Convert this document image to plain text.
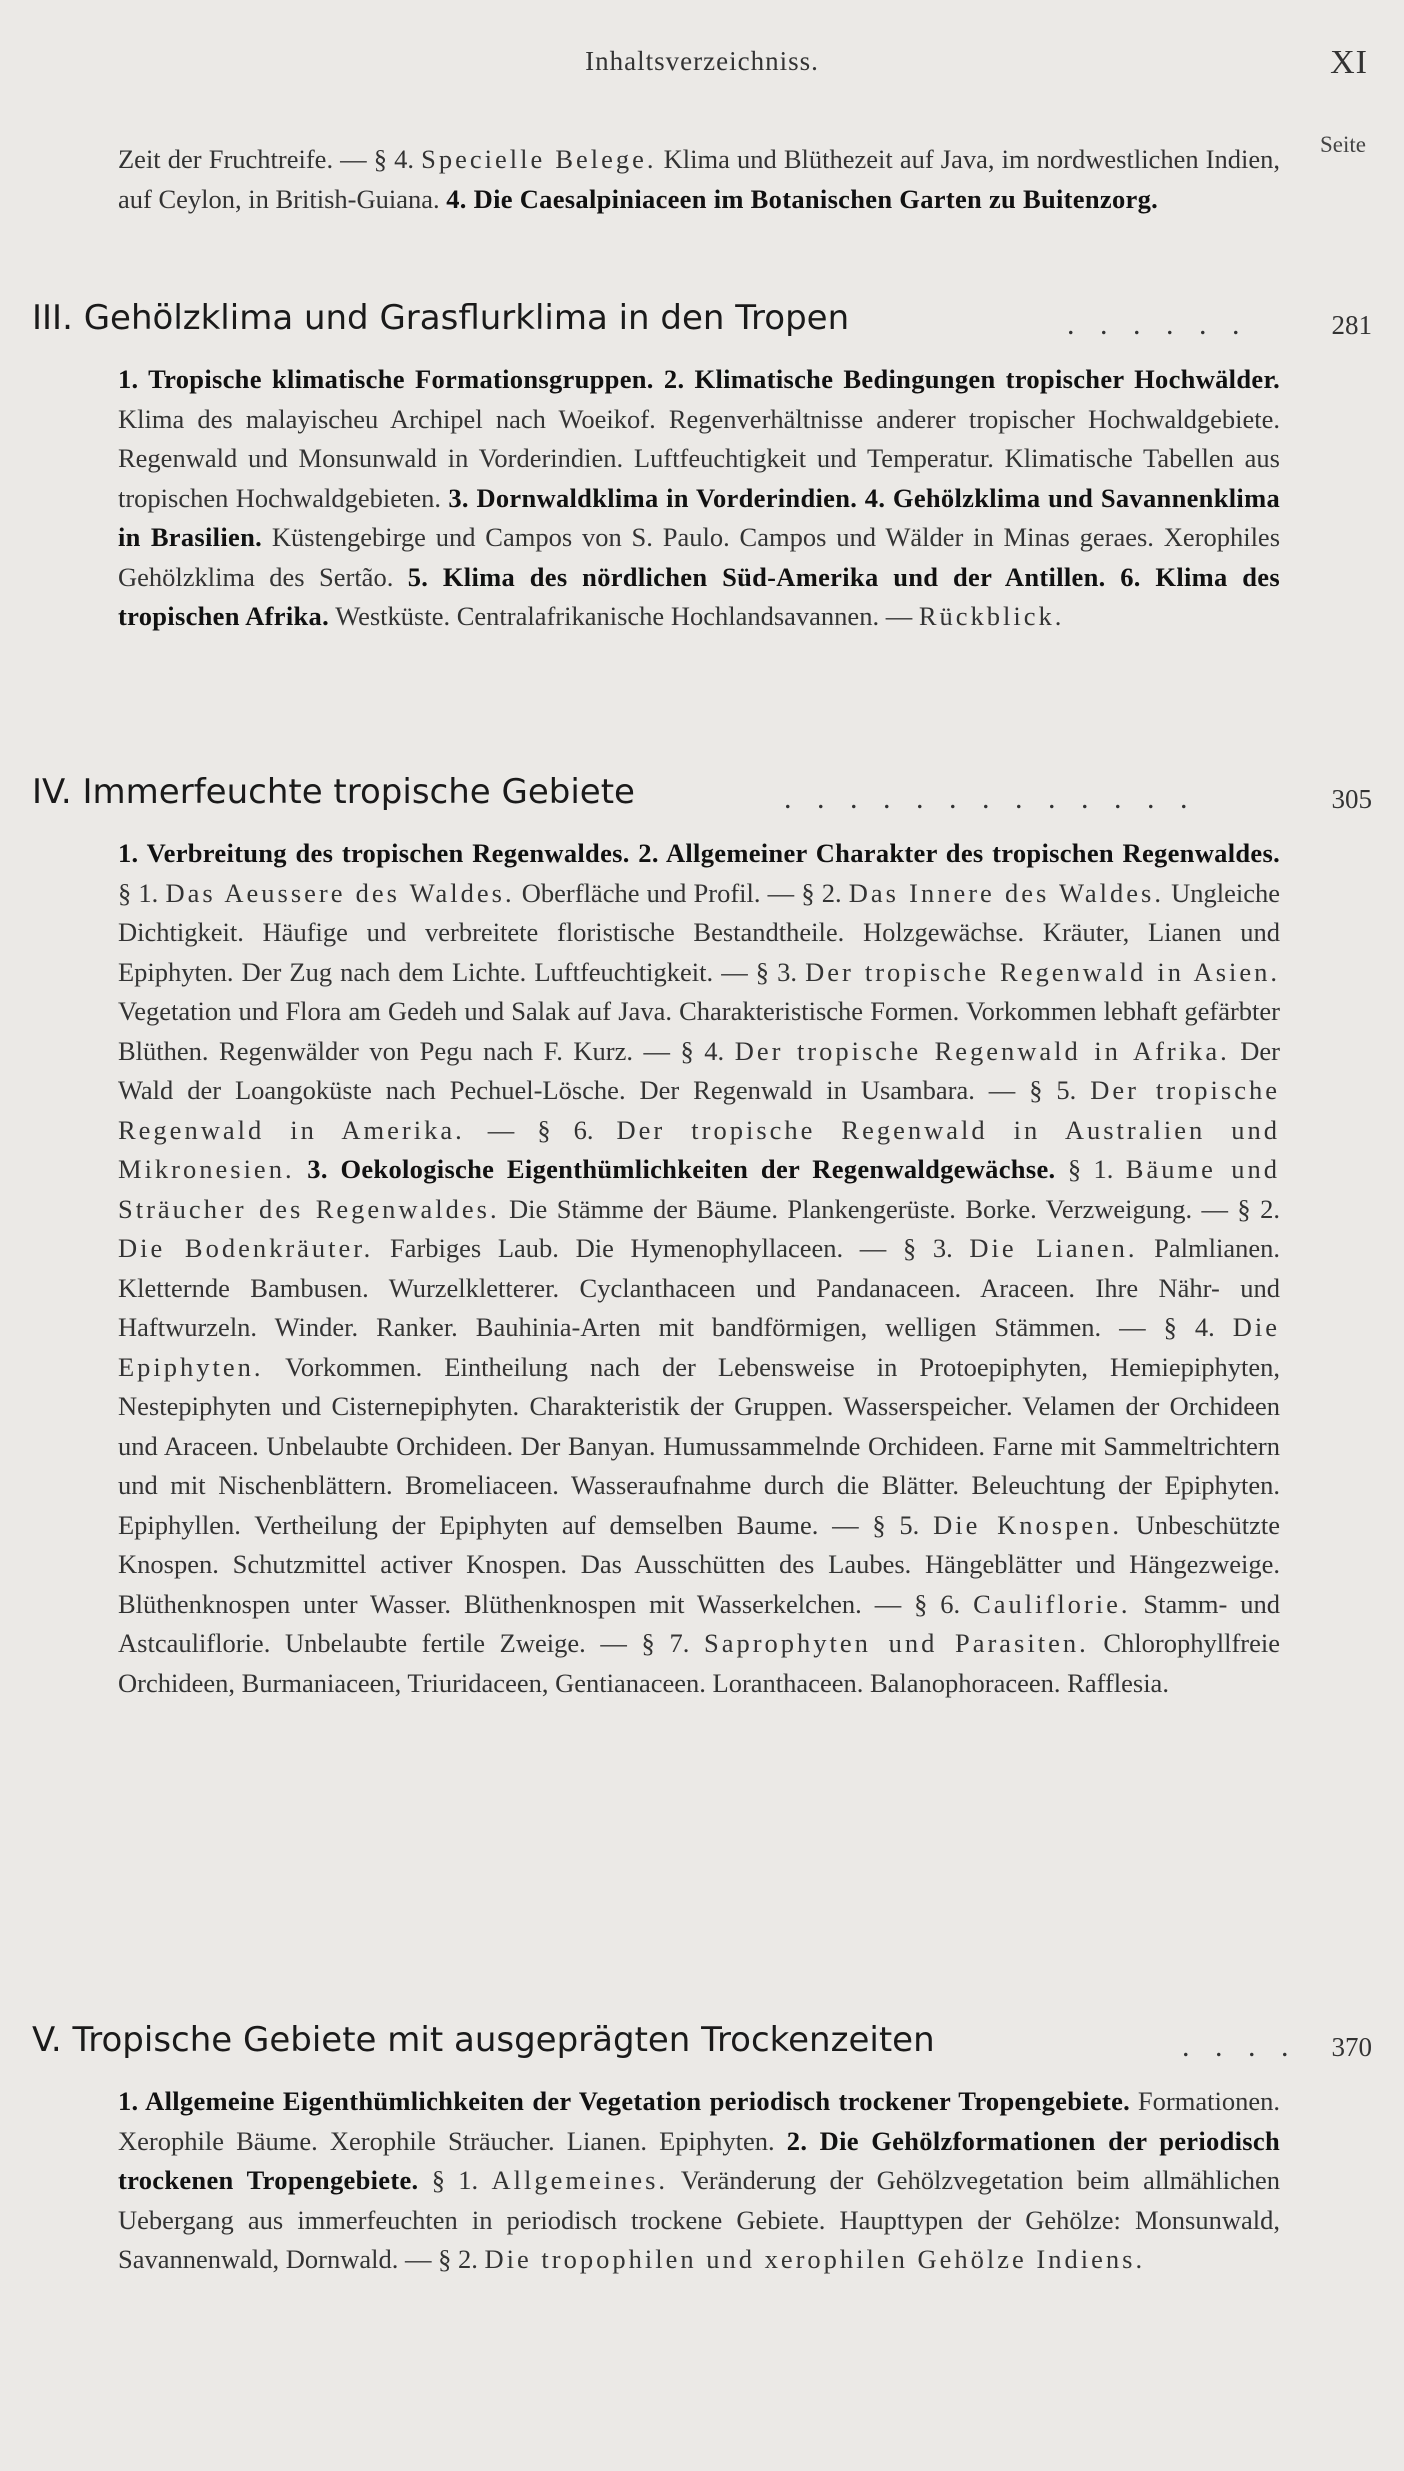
Inhaltsverzeichniss.	XI
Seite
Zeit der Fruchtreife. — § 4. Specielle Belege. Klima und Blüthezeit auf Java, im nordwestlichen Indien, auf Ceylon, in British-Guiana. 4. Die Caesalpiniaceen im Botanischen Garten zu Buitenzorg.
III. Gehölzklima und Grasflurklima in den Tropen	. . . . . .	281
1. Tropische klimatische Formationsgruppen. 2. Klimatische Bedingungen tropischer Hochwälder. Klima des malayischeu Archipel nach Woeikof. Regenverhältnisse anderer tropischer Hochwaldgebiete. Regenwald und Monsunwald in Vorderindien. Luftfeuchtigkeit und Temperatur. Klimatische Tabellen aus tropischen Hochwaldgebieten. 3. Dornwaldklima in Vorderindien. 4. Gehölzklima und Savannenklima in Brasilien. Küstengebirge und Campos von S. Paulo. Campos und Wälder in Minas geraes. Xerophiles Gehölzklima des Sertão. 5. Klima des nördlichen Süd-Amerika und der Antillen. 6. Klima des tropischen Afrika. Westküste. Centralafrikanische Hochlandsavannen. — Rückblick.
IV. Immerfeuchte tropische Gebiete	. . . . . . . . . . . . .	305
1. Verbreitung des tropischen Regenwaldes. 2. Allgemeiner Charakter des tropischen Regenwaldes. § 1. Das Aeussere des Waldes. Oberfläche und Profil. — § 2. Das Innere des Waldes. Ungleiche Dichtigkeit. Häufige und verbreitete floristische Bestandtheile. Holzgewächse. Kräuter, Lianen und Epiphyten. Der Zug nach dem Lichte. Luftfeuchtigkeit. — § 3. Der tropische Regenwald in Asien. Vegetation und Flora am Gedeh und Salak auf Java. Charakteristische Formen. Vorkommen lebhaft gefärbter Blüthen. Regenwälder von Pegu nach F. Kurz. — § 4. Der tropische Regenwald in Afrika. Der Wald der Loangoküste nach Pechuel-Lösche. Der Regenwald in Usambara. — § 5. Der tropische Regenwald in Amerika. — § 6. Der tropische Regenwald in Australien und Mikronesien. 3. Oekologische Eigenthümlichkeiten der Regenwaldgewächse. § 1. Bäume und Sträucher des Regenwaldes. Die Stämme der Bäume. Plankengerüste. Borke. Verzweigung. — § 2. Die Bodenkräuter. Farbiges Laub. Die Hymenophyllaceen. — § 3. Die Lianen. Palmlianen. Kletternde Bambusen. Wurzelkletterer. Cyclanthaceen und Pandanaceen. Araceen. Ihre Nähr- und Haftwurzeln. Winder. Ranker. Bauhinia-Arten mit bandförmigen, welligen Stämmen. — § 4. Die Epiphyten. Vorkommen. Eintheilung nach der Lebensweise in Protoepiphyten, Hemiepiphyten, Nestepiphyten und Cisternepiphyten. Charakteristik der Gruppen. Wasserspeicher. Velamen der Orchideen und Araceen. Unbelaubte Orchideen. Der Banyan. Humussammelnde Orchideen. Farne mit Sammeltrichtern und mit Nischenblättern. Bromeliaceen. Wasseraufnahme durch die Blätter. Beleuchtung der Epiphyten. Epiphyllen. Vertheilung der Epiphyten auf demselben Baume. — § 5. Die Knospen. Unbeschützte Knospen. Schutzmittel activer Knospen. Das Ausschütten des Laubes. Hängeblätter und Hängezweige. Blüthenknospen unter Wasser. Blüthenknospen mit Wasserkelchen. — § 6. Cauliflorie. Stamm- und Astcauliflorie. Unbelaubte fertile Zweige. — § 7. Saprophyten und Parasiten. Chlorophyllfreie Orchideen, Burmaniaceen, Triuridaceen, Gentianaceen. Loranthaceen. Balanophoraceen. Rafflesia.
V. Tropische Gebiete mit ausgeprägten Trockenzeiten	. . . . 370
1. Allgemeine Eigenthümlichkeiten der Vegetation periodisch trockener Tropengebiete. Formationen. Xerophile Bäume. Xerophile Sträucher. Lianen. Epiphyten. 2. Die Gehölzformationen der periodisch trockenen Tropengebiete. § 1. Allgemeines. Veränderung der Gehölzvegetation beim allmählichen Uebergang aus immerfeuchten in periodisch trockene Gebiete. Haupttypen der Gehölze: Monsunwald, Savannenwald, Dornwald. — § 2. Die tropophilen und xerophilen Gehölze Indiens.
